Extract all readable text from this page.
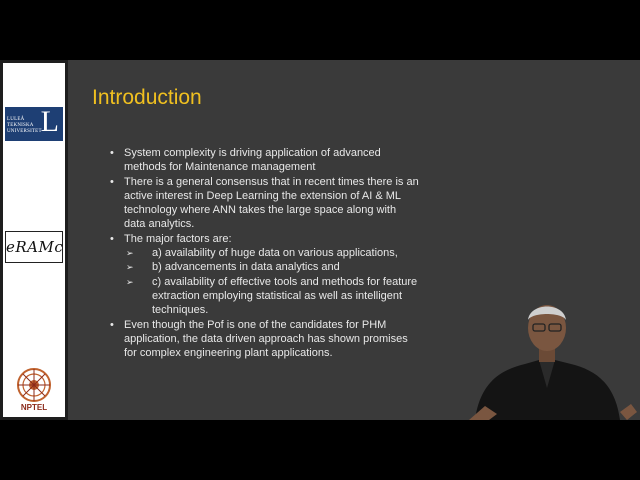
LULEÅ
TEKNISKA
UNIVERSITET
L
eRAMc
NPTEL
Introduction
• System complexity is driving application of advanced methods for Maintenance management
• There is a general consensus that in recent times there is an active interest in Deep Learning the extension of AI & ML technology where ANN takes the large space along with data analytics.
• The major factors are:
➢ a) availability of huge data on various applications,
➢ b) advancements in data analytics and
➢ c) availability of effective tools and methods for feature extraction employing statistical as well as intelligent techniques.
• Even though the Pof is one of the candidates for PHM application, the data driven approach has shown promises for complex engineering plant applications.
